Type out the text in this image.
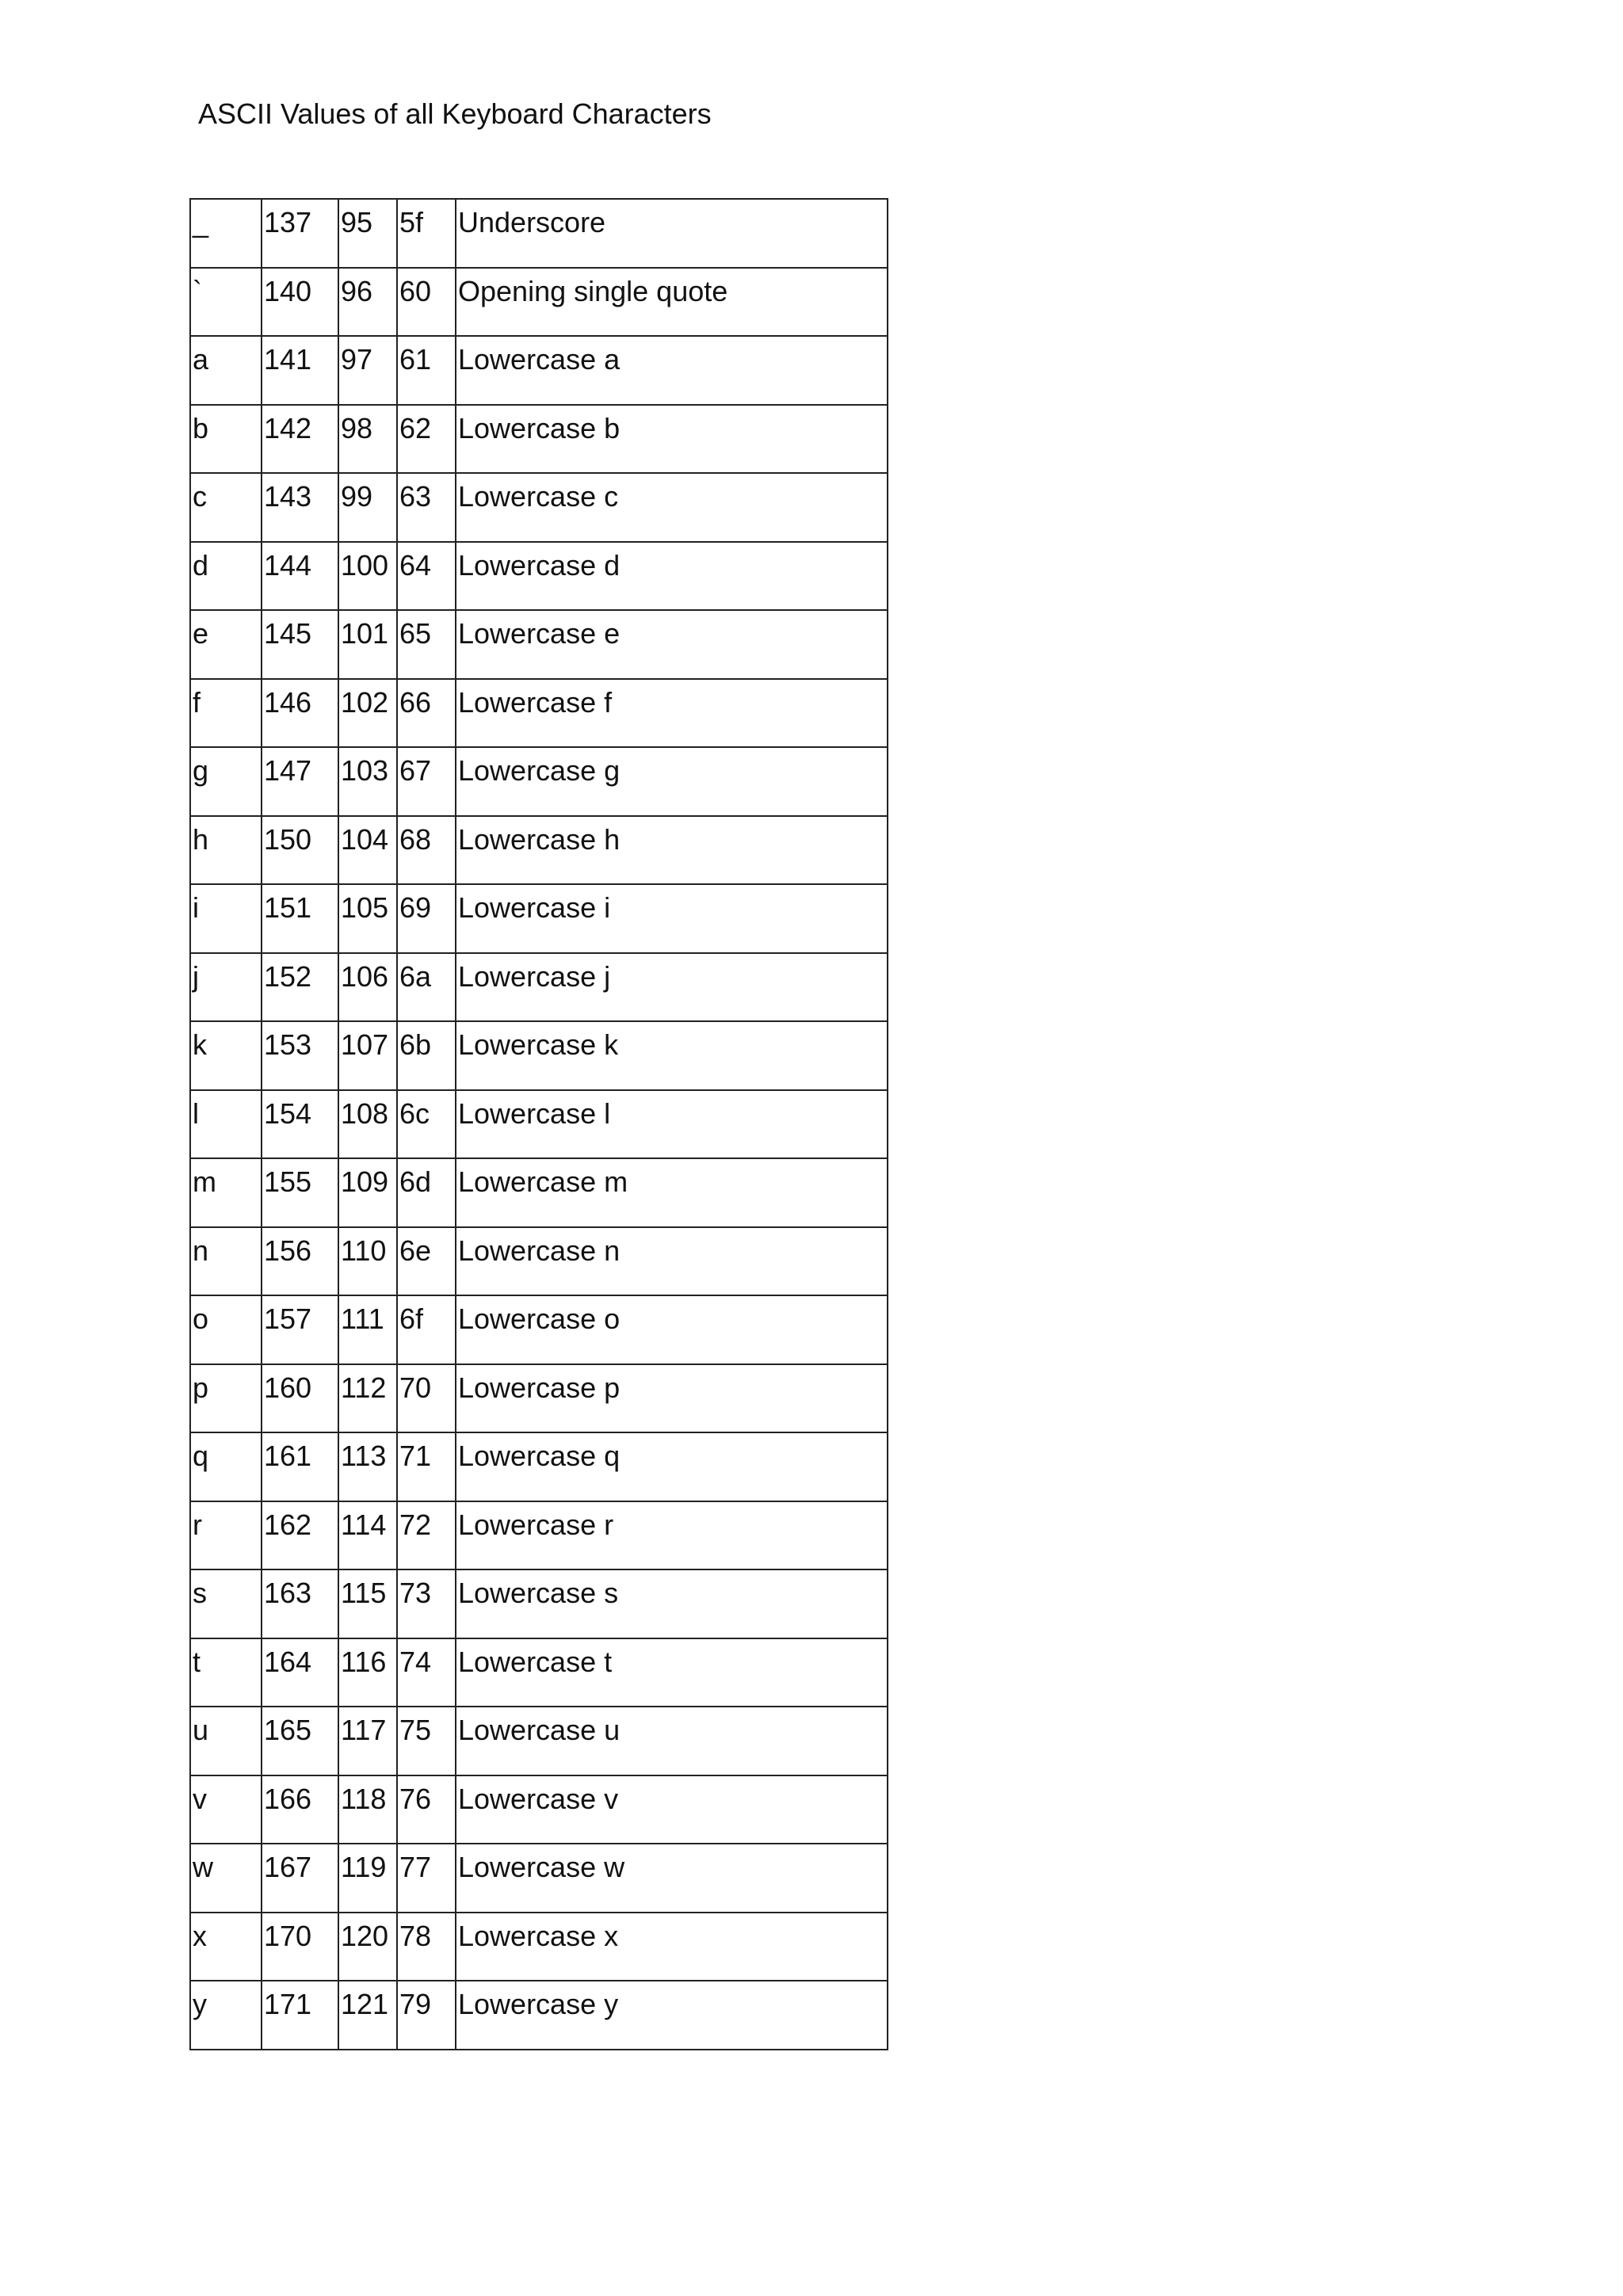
ASCII Values of all Keyboard Characters
_	137	95	5f	Underscore
`	140	96	60	Opening single quote
a	141	97	61	Lowercase a
b	142	98	62	Lowercase b
c	143	99	63	Lowercase c
d	144	100	64	Lowercase d
e	145	101	65	Lowercase e
f	146	102	66	Lowercase f
g	147	103	67	Lowercase g
h	150	104	68	Lowercase h
i	151	105	69	Lowercase i
j	152	106	6a	Lowercase j
k	153	107	6b	Lowercase k
l	154	108	6c	Lowercase l
m	155	109	6d	Lowercase m
n	156	110	6e	Lowercase n
o	157	111	6f	Lowercase o
p	160	112	70	Lowercase p
q	161	113	71	Lowercase q
r	162	114	72	Lowercase r
s	163	115	73	Lowercase s
t	164	116	74	Lowercase t
u	165	117	75	Lowercase u
v	166	118	76	Lowercase v
w	167	119	77	Lowercase w
x	170	120	78	Lowercase x
y	171	121	79	Lowercase y
